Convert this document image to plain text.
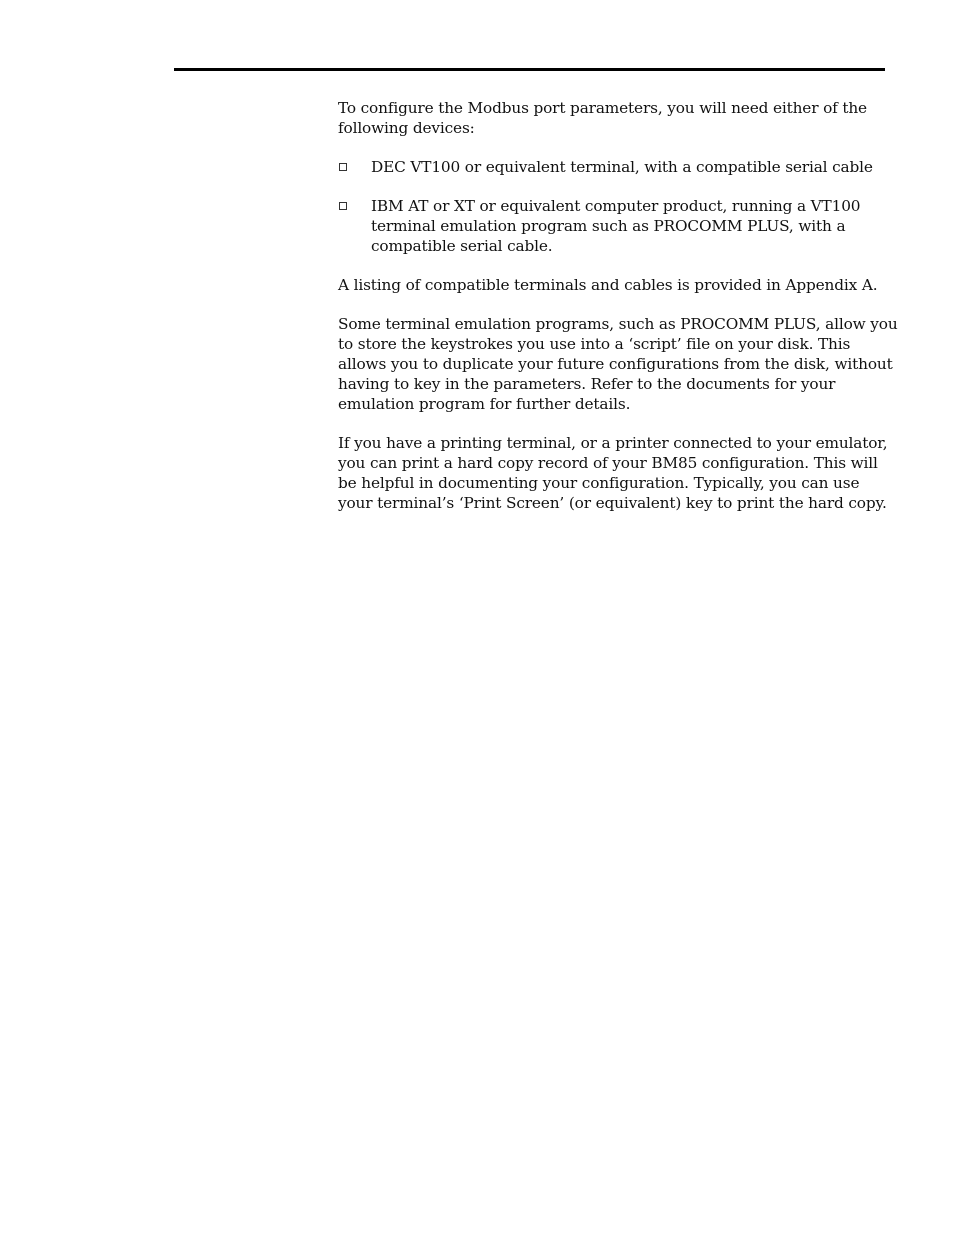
To configure the Modbus port parameters, you will need either of the following devices:

DEC VT100 or equivalent terminal, with a compatible serial cable
IBM AT or XT or equivalent computer product, running a VT100 terminal emulation program such as PROCOMM PLUS, with a compatible serial cable.

A listing of compatible terminals and cables is provided in Appendix A.

Some terminal emulation programs, such as PROCOMM PLUS, allow you to store the keystrokes you use into a ‘script’ file on your disk. This allows you to duplicate your future configurations from the disk, without having to key in the parameters. Refer to the documents for your emulation program for further details.

If you have a printing terminal, or a printer connected to your emulator, you can print a hard copy record of your BM85 configuration. This will be helpful in documenting your configuration. Typically, you can use your terminal’s ‘Print Screen’ (or equivalent) key to print the hard copy.
